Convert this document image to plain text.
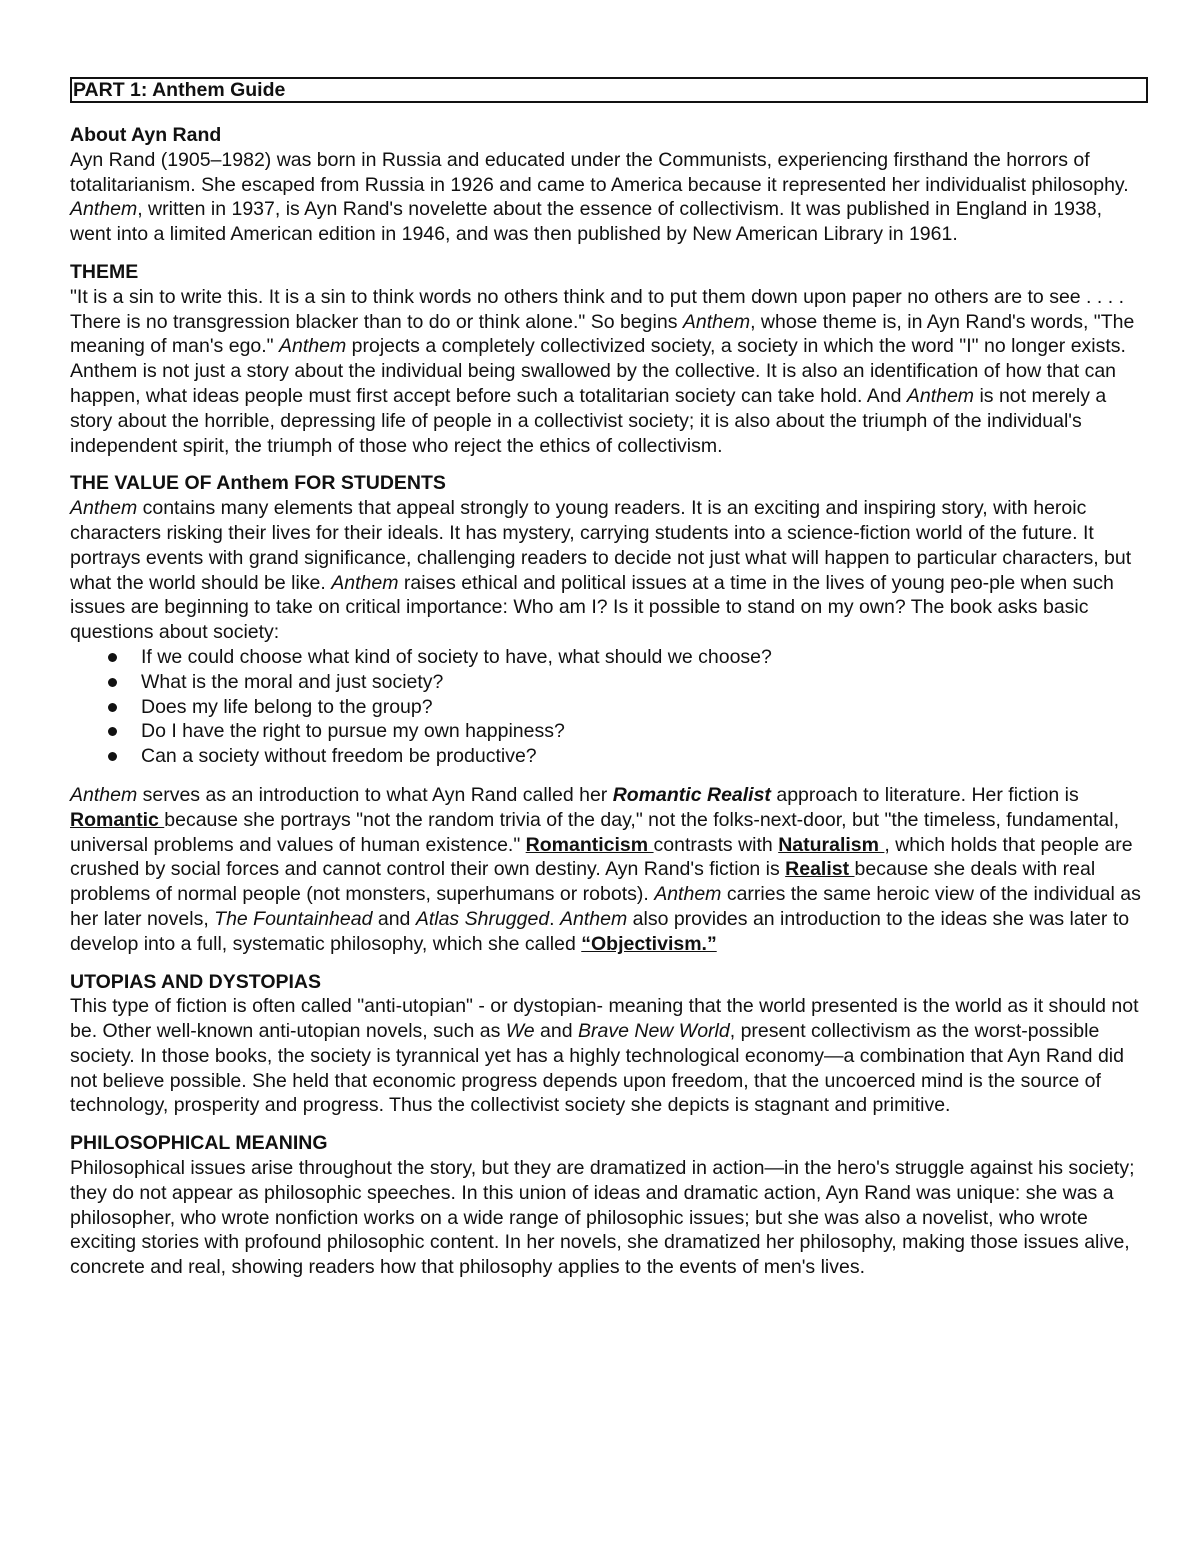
PART 1: Anthem Guide
About Ayn Rand
Ayn Rand (1905–1982) was born in Russia and educated under the Communists, experiencing firsthand the horrors of totalitarianism. She escaped from Russia in 1926 and came to America because it represented her individualist philosophy. Anthem, written in 1937, is Ayn Rand's novelette about the essence of collectivism. It was published in England in 1938, went into a limited American edition in 1946, and was then published by New American Library in 1961.
THEME
"It is a sin to write this. It is a sin to think words no others think and to put them down upon paper no others are to see . . . . There is no transgression blacker than to do or think alone." So begins Anthem, whose theme is, in Ayn Rand's words, "The meaning of man's ego." Anthem projects a completely collectivized society, a society in which the word "I" no longer exists. Anthem is not just a story about the individual being swallowed by the collective. It is also an identification of how that can happen, what ideas people must first accept before such a totalitarian society can take hold. And Anthem is not merely a story about the horrible, depressing life of people in a collectivist society; it is also about the triumph of the individual's independent spirit, the triumph of those who reject the ethics of collectivism.
THE VALUE OF Anthem FOR STUDENTS
Anthem contains many elements that appeal strongly to young readers. It is an exciting and inspiring story, with heroic characters risking their lives for their ideals. It has mystery, carrying students into a science-fiction world of the future. It portrays events with grand significance, challenging readers to decide not just what will happen to particular characters, but what the world should be like. Anthem raises ethical and political issues at a time in the lives of young peo-ple when such issues are beginning to take on critical importance: Who am I? Is it possible to stand on my own? The book asks basic questions about society:
If we could choose what kind of society to have, what should we choose?
What is the moral and just society?
Does my life belong to the group?
Do I have the right to pursue my own happiness?
Can a society without freedom be productive?
Anthem serves as an introduction to what Ayn Rand called her Romantic Realist approach to literature. Her fiction is Romantic because she portrays "not the random trivia of the day," not the folks-next-door, but "the timeless, fundamental, universal problems and values of human existence." Romanticism contrasts with Naturalism , which holds that people are crushed by social forces and cannot control their own destiny. Ayn Rand's fiction is Realist because she deals with real problems of normal people (not monsters, superhumans or robots). Anthem carries the same heroic view of the individual as her later novels, The Fountainhead and Atlas Shrugged. Anthem also provides an introduction to the ideas she was later to develop into a full, systematic philosophy, which she called “Objectivism.”
UTOPIAS AND DYSTOPIAS
This type of fiction is often called "anti-utopian" - or dystopian- meaning that the world presented is the world as it should not be. Other well-known anti-utopian novels, such as We and Brave New World, present collectivism as the worst-possible society. In those books, the society is tyrannical yet has a highly technological economy—a combination that Ayn Rand did not believe possible. She held that economic progress depends upon freedom, that the uncoerced mind is the source of technology, prosperity and progress. Thus the collectivist society she depicts is stagnant and primitive.
PHILOSOPHICAL MEANING
Philosophical issues arise throughout the story, but they are dramatized in action—in the hero's struggle against his society; they do not appear as philosophic speeches. In this union of ideas and dramatic action, Ayn Rand was unique: she was a philosopher, who wrote nonfiction works on a wide range of philosophic issues; but she was also a novelist, who wrote exciting stories with profound philosophic content. In her novels, she dramatized her philosophy, making those issues alive, concrete and real, showing readers how that philosophy applies to the events of men's lives.
